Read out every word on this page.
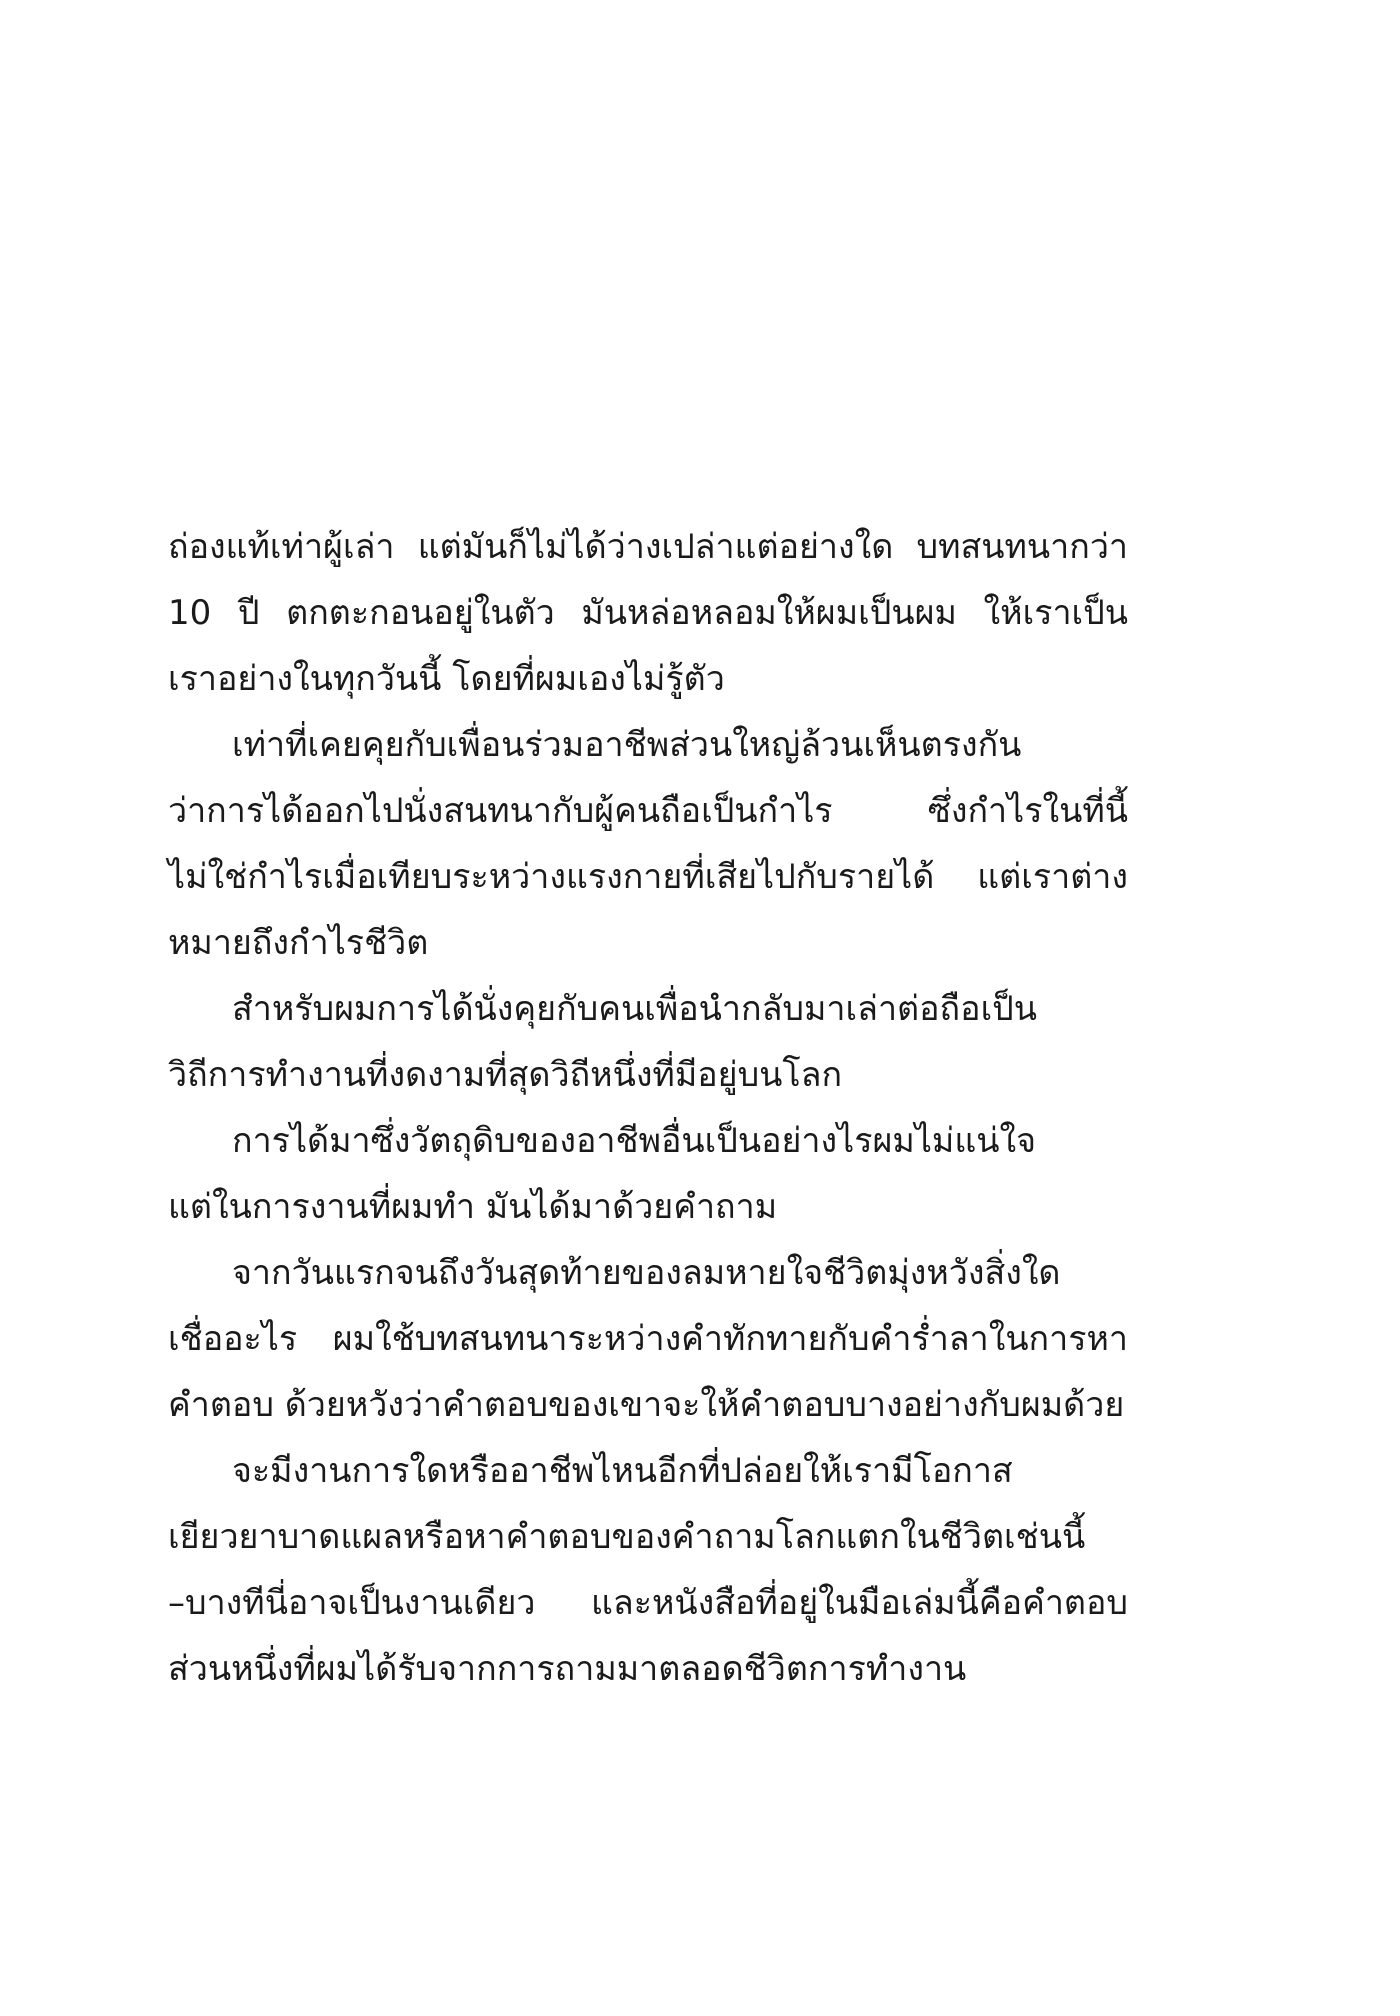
ถ่องแท้เท่าผู้เล่า แต่มันก็ไม่ได้ว่างเปล่าแต่อย่างใด บทสนทนากว่า
10 ปี ตกตะกอนอยู่ในตัว มันหล่อหลอมให้ผมเป็นผม ให้เราเป็น
เราอย่างในทุกวันนี้ โดยที่ผมเองไม่รู้ตัว
เท่าที่เคยคุยกับเพื่อนร่วมอาชีพส่วนใหญ่ล้วนเห็นตรงกัน
ว่าการได้ออกไปนั่งสนทนากับผู้คนถือเป็นกำไร ซึ่งกำไรในที่นี้
ไม่ใช่กำไรเมื่อเทียบระหว่างแรงกายที่เสียไปกับรายได้ แต่เราต่าง
หมายถึงกำไรชีวิต
สำหรับผมการได้นั่งคุยกับคนเพื่อนำกลับมาเล่าต่อถือเป็น
วิถีการทำงานที่งดงามที่สุดวิถีหนึ่งที่มีอยู่บนโลก
การได้มาซึ่งวัตถุดิบของอาชีพอื่นเป็นอย่างไรผมไม่แน่ใจ
แต่ในการงานที่ผมทำ มันได้มาด้วยคำถาม
จากวันแรกจนถึงวันสุดท้ายของลมหายใจชีวิตมุ่งหวังสิ่งใด
เชื่ออะไร ผมใช้บทสนทนาระหว่างคำทักทายกับคำร่ำลาในการหา
คำตอบ ด้วยหวังว่าคำตอบของเขาจะให้คำตอบบางอย่างกับผมด้วย
จะมีงานการใดหรืออาชีพไหนอีกที่ปล่อยให้เรามีโอกาส
เยียวยาบาดแผลหรือหาคำตอบของคำถามโลกแตกในชีวิตเช่นนี้
–บางทีนี่อาจเป็นงานเดียว และหนังสือที่อยู่ในมือเล่มนี้คือคำตอบ
ส่วนหนึ่งที่ผมได้รับจากการถามมาตลอดชีวิตการทำงาน
